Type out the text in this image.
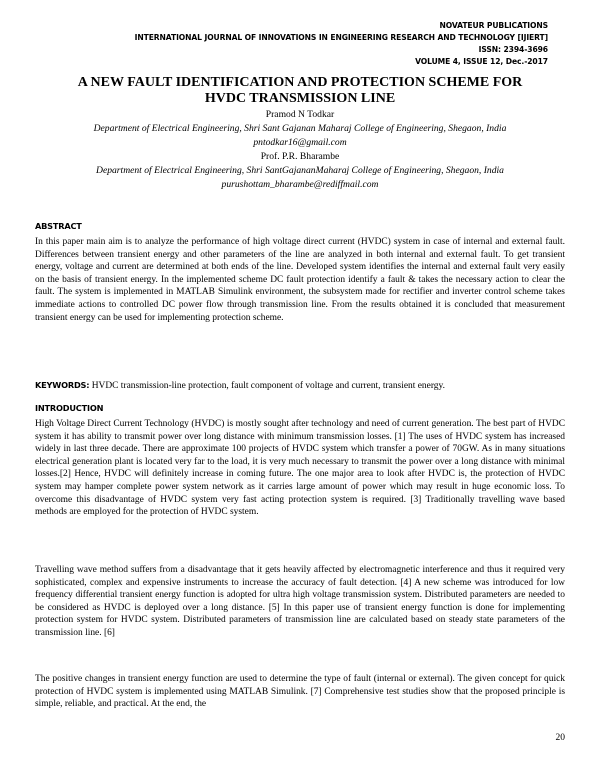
NOVATEUR PUBLICATIONS
INTERNATIONAL JOURNAL OF INNOVATIONS IN ENGINEERING RESEARCH AND TECHNOLOGY [IJIERT]
ISSN: 2394-3696
VOLUME 4, ISSUE 12, Dec.-2017
A NEW FAULT IDENTIFICATION AND PROTECTION SCHEME FOR
HVDC TRANSMISSION LINE
Pramod N Todkar
Department of Electrical Engineering, Shri Sant Gajanan Maharaj College of Engineering, Shegaon, India
pntodkar16@gmail.com
Prof. P.R. Bharambe
Department of Electrical Engineering, Shri SantGajananMaharaj College of Engineering, Shegaon, India
purushottam_bharambe@rediffmail.com
ABSTRACT

In this paper main aim is to analyze the performance of high voltage direct current (HVDC) system in case of internal and external fault. Differences between transient energy and other parameters of the line are analyzed in both internal and external fault. To get transient energy, voltage and current are determined at both ends of the line. Developed system identifies the internal and external fault very easily on the basis of transient energy. In the implemented scheme DC fault protection identify a fault & takes the necessary action to clear the fault. The system is implemented in MATLAB Simulink environment, the subsystem made for rectifier and inverter control scheme takes immediate actions to controlled DC power flow through transmission line. From the results obtained it is concluded that measurement transient energy can be used for implementing protection scheme.

KEYWORDS: HVDC transmission-line protection, fault component of voltage and current, transient energy.
INTRODUCTION

High Voltage Direct Current Technology (HVDC) is mostly sought after technology and need of current generation. The best part of HVDC system it has ability to transmit power over long distance with minimum transmission losses. [1] The uses of HVDC system has increased widely in last three decade. There are approximate 100 projects of HVDC system which transfer a power of 70GW. As in many situations electrical generation plant is located very far to the load, it is very much necessary to transmit the power over a long distance with minimal losses.[2] Hence, HVDC will definitely increase in coming future. The one major area to look after HVDC is, the protection of HVDC system may hamper complete power system network as it carries large amount of power which may result in huge economic loss. To overcome this disadvantage of HVDC system very fast acting protection system is required. [3] Traditionally travelling wave based methods are employed for the protection of HVDC system.

Travelling wave method suffers from a disadvantage that it gets heavily affected by electromagnetic interference and thus it required very sophisticated, complex and expensive instruments to increase the accuracy of fault detection. [4] A new scheme was introduced for low frequency differential transient energy function is adopted for ultra high voltage transmission system. Distributed parameters are needed to be considered as HVDC is deployed over a long distance. [5] In this paper use of transient energy function is done for implementing protection system for HVDC system. Distributed parameters of transmission line are calculated based on steady state parameters of the transmission line. [6]

The positive changes in transient energy function are used to determine the type of fault (internal or external). The given concept for quick protection of HVDC system is implemented using MATLAB Simulink. [7] Comprehensive test studies show that the proposed principle is simple, reliable, and practical. At the end, the

20
